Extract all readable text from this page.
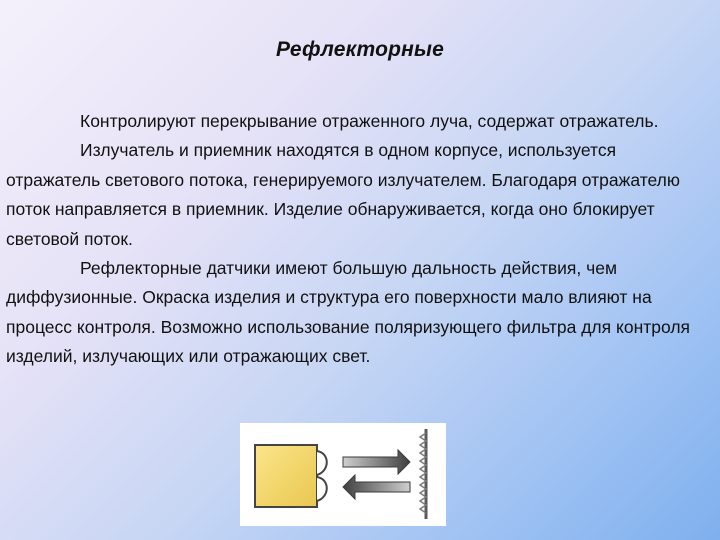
Рефлекторные

Контролируют перекрывание отраженного луча, содержат отражатель.

Излучатель и приемник находятся в одном корпусе, используется отражатель светового потока, генерируемого излучателем. Благодаря отражателю поток направляется в приемник. Изделие обнаруживается, когда оно блокирует световой поток.

Рефлекторные датчики имеют большую дальность действия, чем диффузионные. Окраска изделия и структура его поверхности мало влияют на процесс контроля. Возможно использование поляризующего фильтра для контроля изделий, излучающих или отражающих свет.
